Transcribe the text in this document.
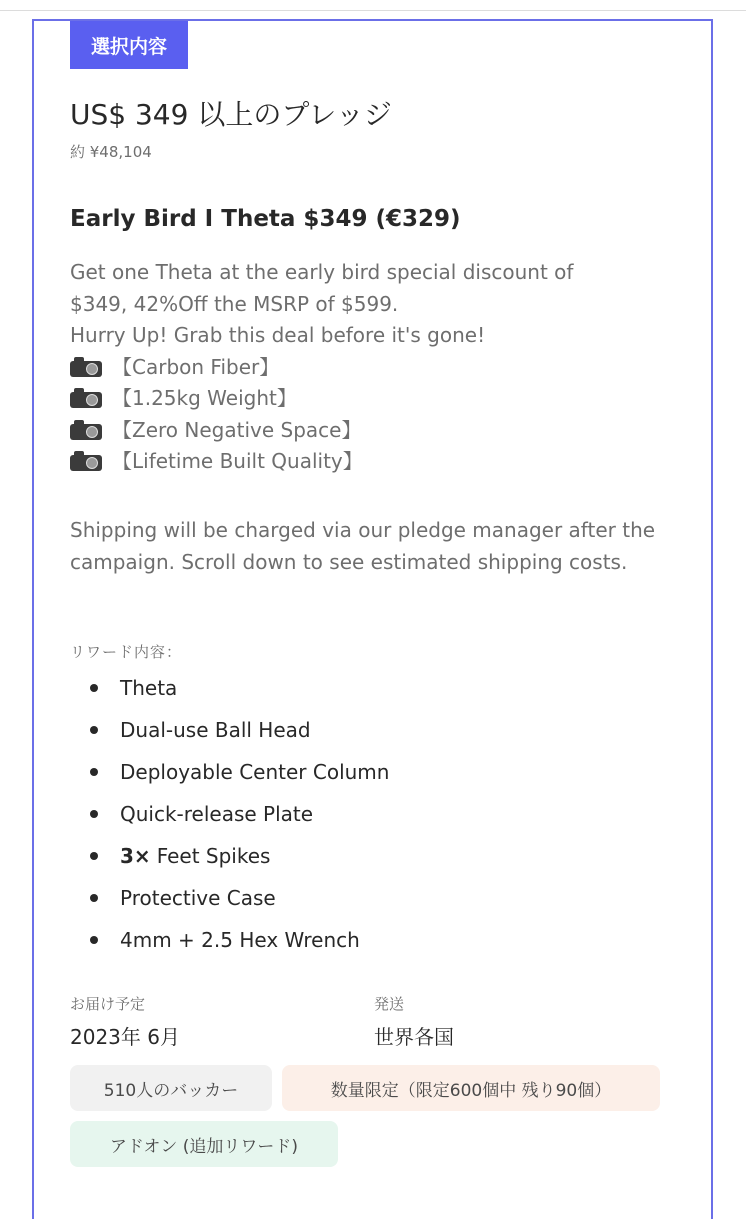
選択内容
US$ 349 以上のプレッジ
約 ¥48,104
Early Bird I Theta $349 (€329)
Get one Theta at the early bird special discount of
$349, 42%Off the MSRP of $599.
Hurry Up! Grab this deal before it's gone!
【Carbon Fiber】
【1.25kg Weight】
【Zero Negative Space】
【Lifetime Built Quality】
Shipping will be charged via our pledge manager after the campaign. Scroll down to see estimated shipping costs.
リワード内容：
Theta
Dual-use Ball Head
Deployable Center Column
Quick-release Plate
3× Feet Spikes
Protective Case
4mm + 2.5 Hex Wrench
お届け予定
2023年 6月
発送
世界各国
510人のバッカー	数量限定（限定600個中 残り90個）
アドオン (追加リワード)
